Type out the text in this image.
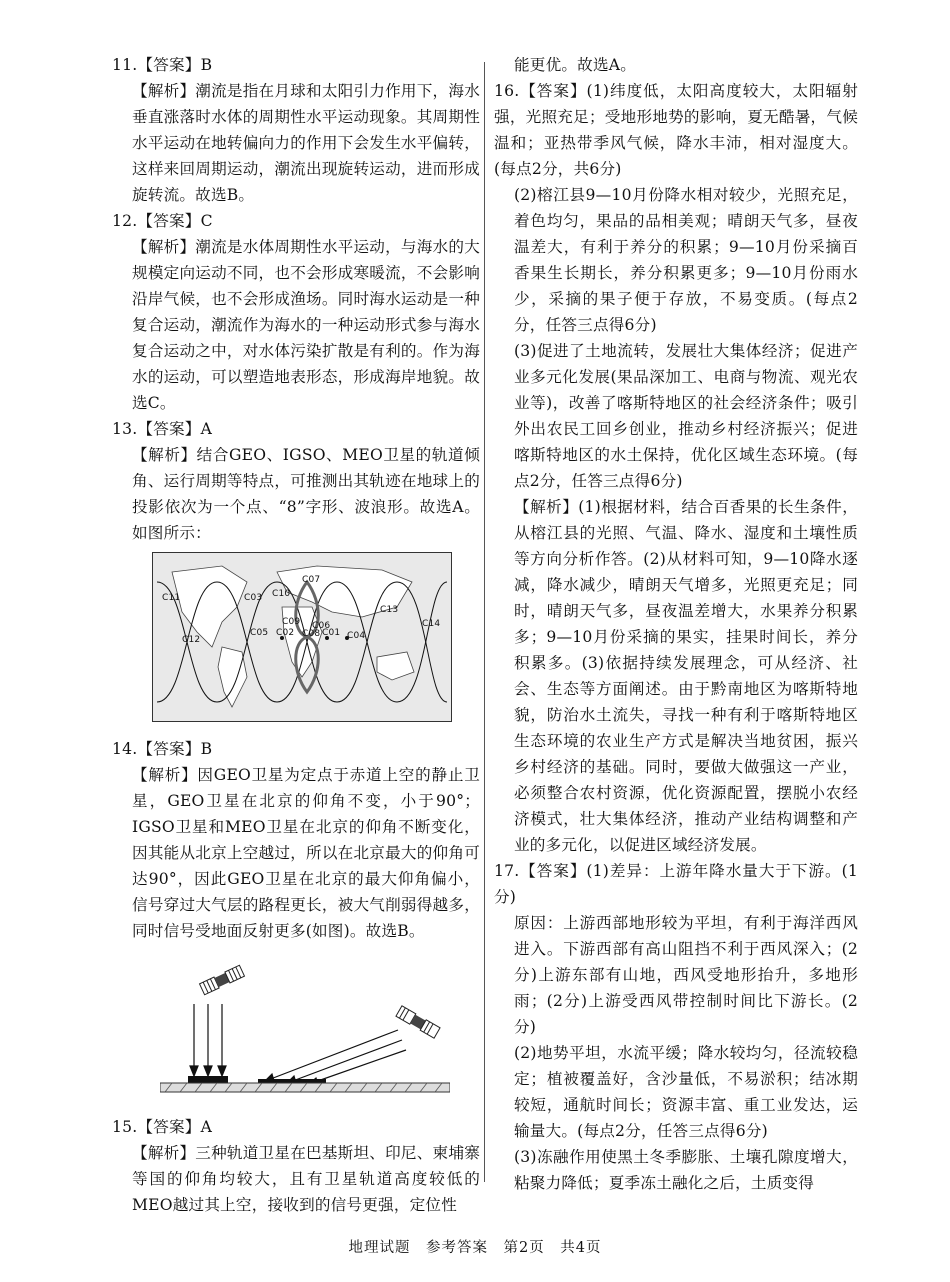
11.【答案】B

【解析】潮流是指在月球和太阳引力作用下，海水垂直涨落时水体的周期性水平运动现象。其周期性水平运动在地转偏向力的作用下会发生水平偏转，这样来回周期运动，潮流出现旋转运动，进而形成旋转流。故选B。

12.【答案】C

【解析】潮流是水体周期性水平运动，与海水的大规模定向运动不同，也不会形成寒暖流，不会影响沿岸气候，也不会形成渔场。同时海水运动是一种复合运动，潮流作为海水的一种运动形式参与海水复合运动之中，对水体污染扩散是有利的。作为海水的运动，可以塑造地表形态，形成海岸地貌。故选C。

13.【答案】A

【解析】结合GEO、IGSO、MEO卫星的轨道倾角、运行周期等特点，可推测出其轨迹在地球上的投影依次为一个点、“8”字形、波浪形。故选A。如图所示：

C11	C10
C07
C08
C09
C05 C02
C06
C01 C04
C12
C13
C03
C14
14.【答案】B

【解析】因GEO卫星为定点于赤道上空的静止卫星，GEO卫星在北京的仰角不变，小于90°；IGSO卫星和MEO卫星在北京的仰角不断变化，因其能从北京上空越过，所以在北京最大的仰角可达90°，因此GEO卫星在北京的最大仰角偏小，信号穿过大气层的路程更长，被大气削弱得越多，同时信号受地面反射更多(如图)。故选B。

15.【答案】A

【解析】三种轨道卫星在巴基斯坦、印尼、柬埔寨等国的仰角均较大，且有卫星轨道高度较低的MEO越过其上空，接收到的信号更强，定位性

能更优。故选A。

16.【答案】(1)纬度低，太阳高度较大，太阳辐射强，光照充足；受地形地势的影响，夏无酷暑，气候温和；亚热带季风气候，降水丰沛，相对湿度大。(每点2分，共6分)

(2)榕江县9—10月份降水相对较少，光照充足，着色均匀，果品的品相美观；晴朗天气多，昼夜温差大，有利于养分的积累；9—10月份采摘百香果生长期长，养分积累更多；9—10月份雨水少，采摘的果子便于存放，不易变质。(每点2分，任答三点得6分)

(3)促进了土地流转，发展壮大集体经济；促进产业多元化发展(果品深加工、电商与物流、观光农业等)，改善了喀斯特地区的社会经济条件；吸引外出农民工回乡创业，推动乡村经济振兴；促进喀斯特地区的水土保持，优化区域生态环境。(每点2分，任答三点得6分)

【解析】(1)根据材料，结合百香果的长生条件，从榕江县的光照、气温、降水、湿度和土壤性质等方向分析作答。(2)从材料可知，9—10降水逐减，降水减少，晴朗天气增多，光照更充足；同时，晴朗天气多，昼夜温差增大，水果养分积累多；9—10月份采摘的果实，挂果时间长，养分积累多。(3)依据持续发展理念，可从经济、社会、生态等方面阐述。由于黔南地区为喀斯特地貌，防治水土流失，寻找一种有利于喀斯特地区生态环境的农业生产方式是解决当地贫困，振兴乡村经济的基础。同时，要做大做强这一产业，必须整合农村资源，优化资源配置，摆脱小农经济模式，壮大集体经济，推动产业结构调整和产业的多元化，以促进区域经济发展。

17.【答案】(1)差异：上游年降水量大于下游。(1分)

原因：上游西部地形较为平坦，有利于海洋西风进入。下游西部有高山阻挡不利于西风深入；(2分)上游东部有山地，西风受地形抬升，多地形雨；(2分)上游受西风带控制时间比下游长。(2分)

(2)地势平坦，水流平缓；降水较均匀，径流较稳定；植被覆盖好，含沙量低，不易淤积；结冰期较短，通航时间长；资源丰富、重工业发达，运输量大。(每点2分，任答三点得6分)

(3)冻融作用使黑土冬季膨胀、土壤孔隙度增大，粘聚力降低；夏季冻土融化之后，土质变得

地理试题　参考答案　第2页　共4页
